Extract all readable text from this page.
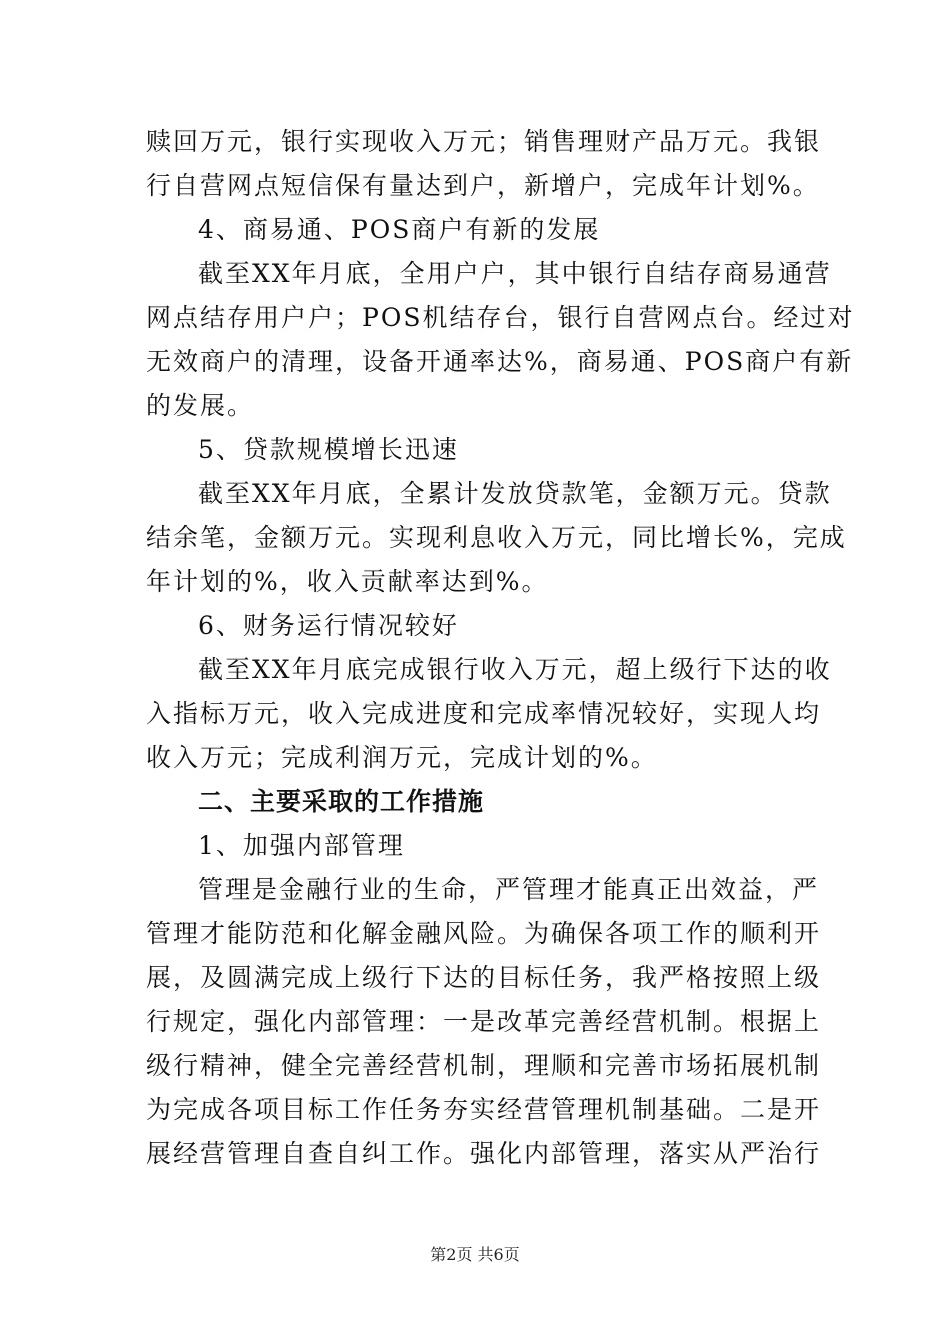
赎回万元，银行实现收入万元；销售理财产品万元。我银
行自营网点短信保有量达到户，新增户，完成年计划%。
4、商易通、POS商户有新的发展
截至XX年月底，全用户户，其中银行自结存商易通营
网点结存用户户；POS机结存台，银行自营网点台。经过对
无效商户的清理，设备开通率达%，商易通、POS商户有新
的发展。
5、贷款规模增长迅速
截至XX年月底，全累计发放贷款笔，金额万元。贷款
结余笔，金额万元。实现利息收入万元，同比增长%，完成
年计划的%，收入贡献率达到%。
6、财务运行情况较好
截至XX年月底完成银行收入万元，超上级行下达的收
入指标万元，收入完成进度和完成率情况较好，实现人均
收入万元；完成利润万元，完成计划的%。
二、主要采取的工作措施
1、加强内部管理
管理是金融行业的生命，严管理才能真正出效益，严
管理才能防范和化解金融风险。为确保各项工作的顺利开
展，及圆满完成上级行下达的目标任务，我严格按照上级
行规定，强化内部管理：一是改革完善经营机制。根据上
级行精神，健全完善经营机制，理顺和完善市场拓展机制
为完成各项目标工作任务夯实经营管理机制基础。二是开
展经营管理自查自纠工作。强化内部管理，落实从严治行
第2页 共6页
